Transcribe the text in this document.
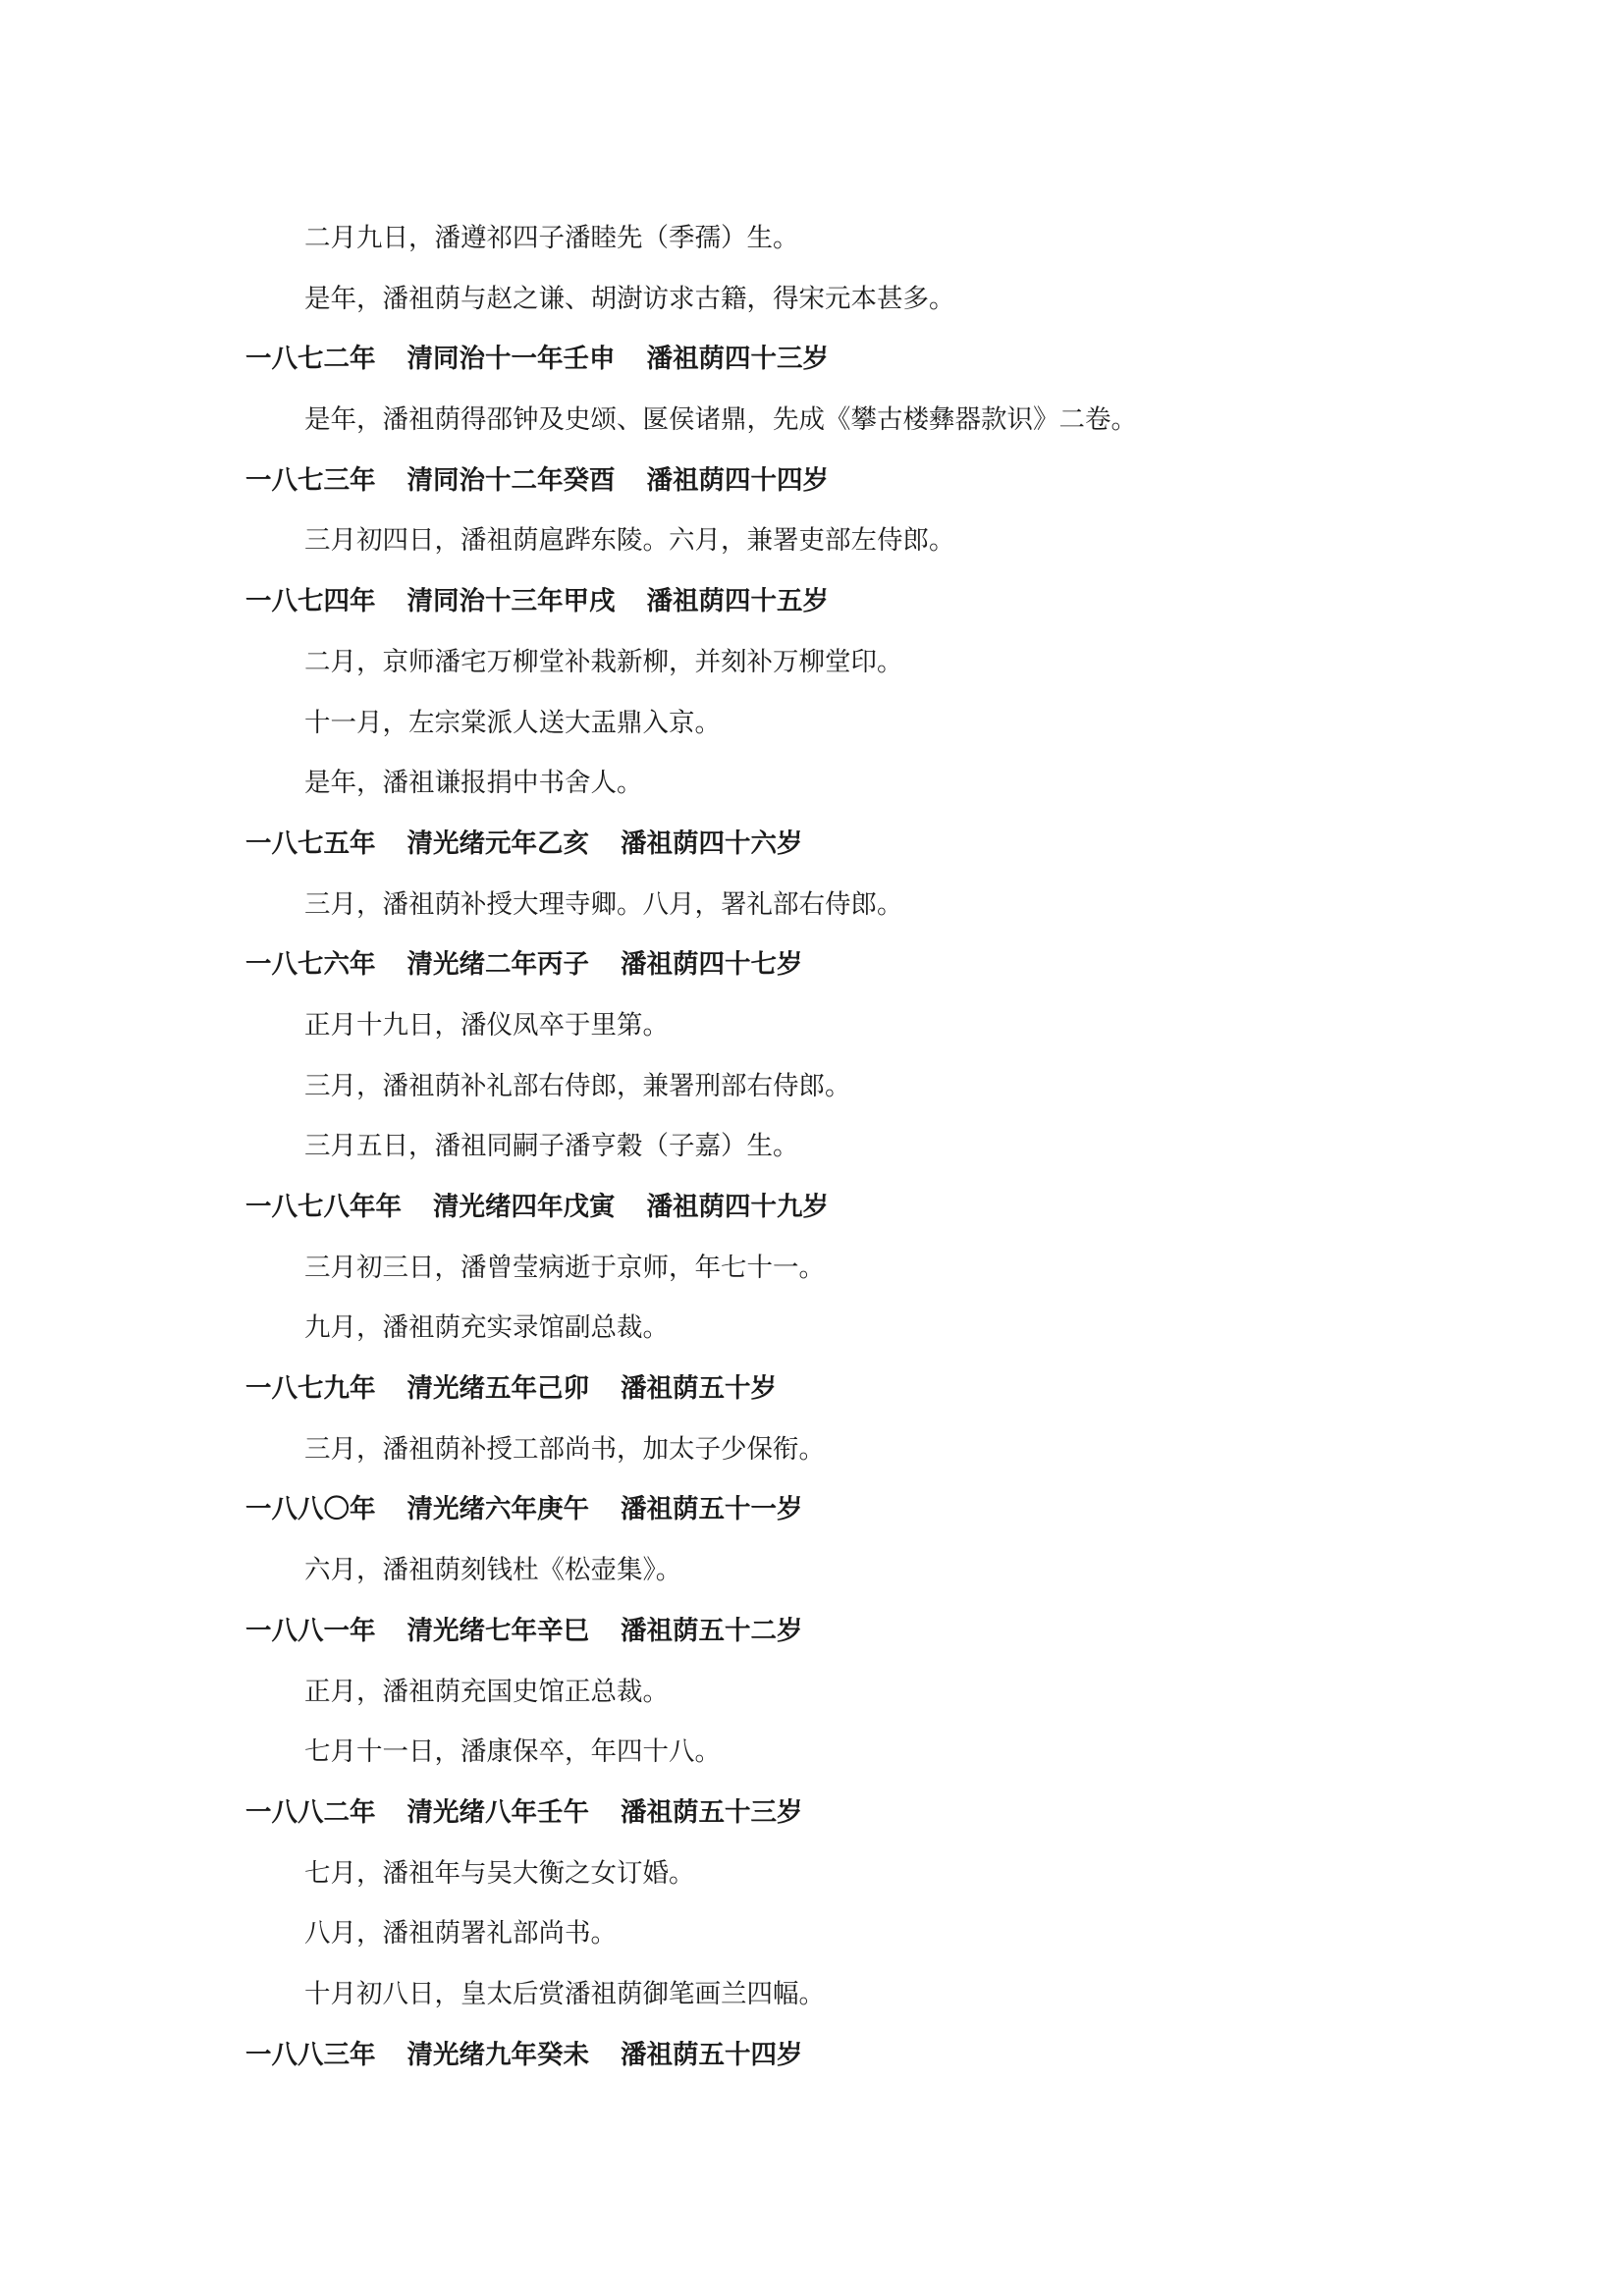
二月九日，潘遵祁四子潘睦先（季孺）生。
是年，潘祖荫与赵之谦、胡澍访求古籍，得宋元本甚多。
一八七二年 清同治十一年壬申 潘祖荫四十三岁
是年，潘祖荫得邵钟及史颂、匽侯诸鼎，先成《攀古楼彝器款识》二卷。
一八七三年 清同治十二年癸酉 潘祖荫四十四岁
三月初四日，潘祖荫扈跸东陵。六月，兼署吏部左侍郎。
一八七四年 清同治十三年甲戌 潘祖荫四十五岁
二月，京师潘宅万柳堂补栽新柳，并刻补万柳堂印。
十一月，左宗棠派人送大盂鼎入京。
是年，潘祖谦报捐中书舍人。
一八七五年 清光绪元年乙亥 潘祖荫四十六岁
三月，潘祖荫补授大理寺卿。八月，署礼部右侍郎。
一八七六年 清光绪二年丙子 潘祖荫四十七岁
正月十九日，潘仪凤卒于里第。
三月，潘祖荫补礼部右侍郎，兼署刑部右侍郎。
三月五日，潘祖同嗣子潘亨穀（子嘉）生。
一八七八年年 清光绪四年戊寅 潘祖荫四十九岁
三月初三日，潘曾莹病逝于京师，年七十一。
九月，潘祖荫充实录馆副总裁。
一八七九年 清光绪五年己卯 潘祖荫五十岁
三月，潘祖荫补授工部尚书，加太子少保衔。
一八八〇年 清光绪六年庚午 潘祖荫五十一岁
六月，潘祖荫刻钱杜《松壶集》。
一八八一年 清光绪七年辛巳 潘祖荫五十二岁
正月，潘祖荫充国史馆正总裁。
七月十一日，潘康保卒，年四十八。
一八八二年 清光绪八年壬午 潘祖荫五十三岁
七月，潘祖年与吴大衡之女订婚。
八月，潘祖荫署礼部尚书。
十月初八日，皇太后赏潘祖荫御笔画兰四幅。
一八八三年 清光绪九年癸未 潘祖荫五十四岁
